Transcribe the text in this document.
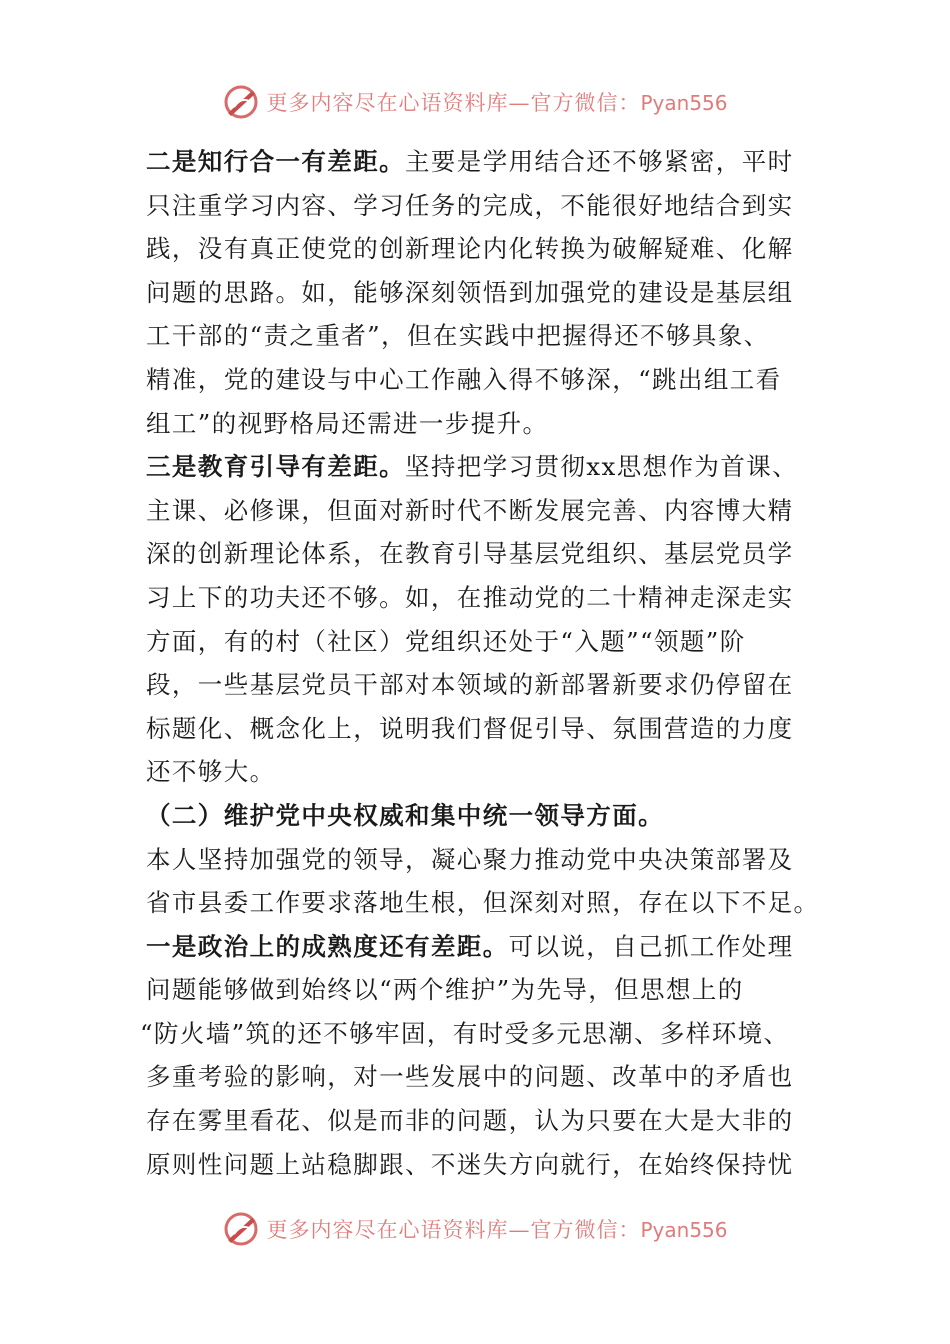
更多内容尽在心语资料库—官方微信：Pyan556
二是知行合一有差距。主要是学用结合还不够紧密，平时
只注重学习内容、学习任务的完成，不能很好地结合到实
践，没有真正使党的创新理论内化转换为破解疑难、化解
问题的思路。如，能够深刻领悟到加强党的建设是基层组
工干部的“责之重者”，但在实践中把握得还不够具象、
精准，党的建设与中心工作融入得不够深，“跳出组工看
组工”的视野格局还需进一步提升。
三是教育引导有差距。坚持把学习贯彻xx思想作为首课、
主课、必修课，但面对新时代不断发展完善、内容博大精
深的创新理论体系，在教育引导基层党组织、基层党员学
习上下的功夫还不够。如，在推动党的二十精神走深走实
方面，有的村（社区）党组织还处于“入题”“领题”阶
段，一些基层党员干部对本领域的新部署新要求仍停留在
标题化、概念化上，说明我们督促引导、氛围营造的力度
还不够大。
（二）维护党中央权威和集中统一领导方面。
本人坚持加强党的领导，凝心聚力推动党中央决策部署及
省市县委工作要求落地生根，但深刻对照，存在以下不足。
一是政治上的成熟度还有差距。可以说，自己抓工作处理
问题能够做到始终以“两个维护”为先导，但思想上的
“防火墙”筑的还不够牢固，有时受多元思潮、多样环境、
多重考验的影响，对一些发展中的问题、改革中的矛盾也
存在雾里看花、似是而非的问题，认为只要在大是大非的
原则性问题上站稳脚跟、不迷失方向就行，在始终保持忧
更多内容尽在心语资料库—官方微信：Pyan556
